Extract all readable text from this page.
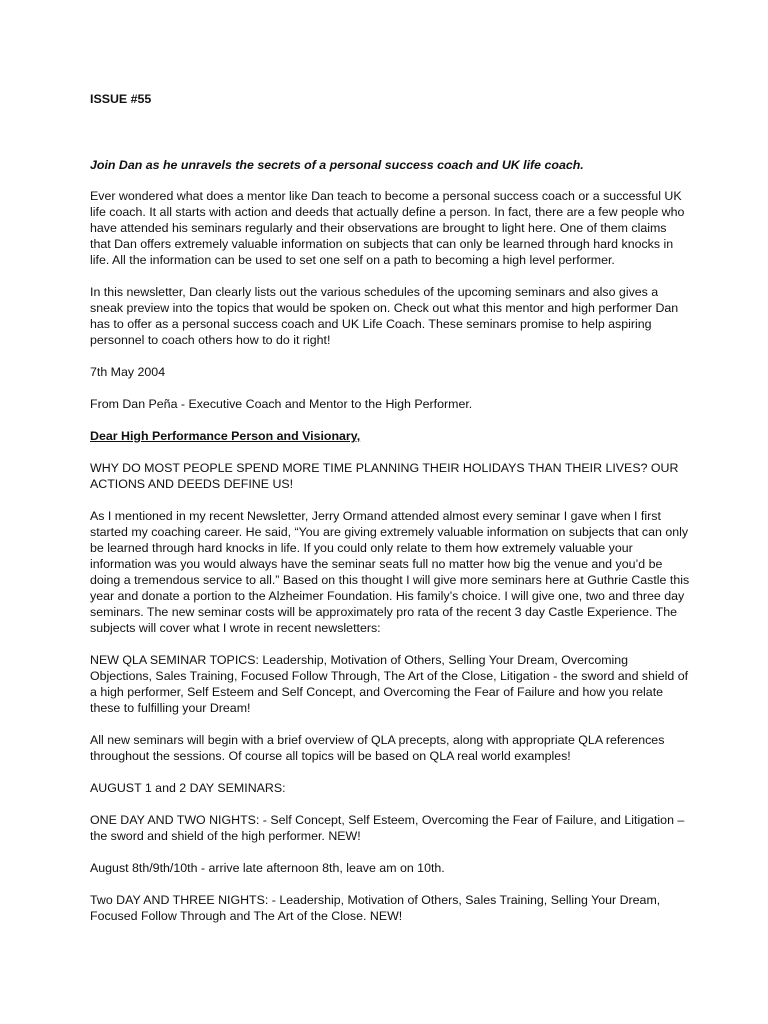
ISSUE #55

Join Dan as he unravels the secrets of a personal success coach and UK life coach.

Ever wondered what does a mentor like Dan teach to become a personal success coach or a successful UK life coach. It all starts with action and deeds that actually define a person. In fact, there are a few people who have attended his seminars regularly and their observations are brought to light here. One of them claims that Dan offers extremely valuable information on subjects that can only be learned through hard knocks in life. All the information can be used to set one self on a path to becoming a high level performer.

In this newsletter, Dan clearly lists out the various schedules of the upcoming seminars and also gives a sneak preview into the topics that would be spoken on. Check out what this mentor and high performer Dan has to offer as a personal success coach and UK Life Coach. These seminars promise to help aspiring personnel to coach others how to do it right!

7th May 2004

From Dan Peña - Executive Coach and Mentor to the High Performer.

Dear High Performance Person and Visionary,

WHY DO MOST PEOPLE SPEND MORE TIME PLANNING THEIR HOLIDAYS THAN THEIR LIVES? OUR ACTIONS AND DEEDS DEFINE US!

As I mentioned in my recent Newsletter, Jerry Ormand attended almost every seminar I gave when I first started my coaching career. He said, “You are giving extremely valuable information on subjects that can only be learned through hard knocks in life. If you could only relate to them how extremely valuable your information was you would always have the seminar seats full no matter how big the venue and you’d be doing a tremendous service to all.” Based on this thought I will give more seminars here at Guthrie Castle this year and donate a portion to the Alzheimer Foundation. His family’s choice. I will give one, two and three day seminars. The new seminar costs will be approximately pro rata of the recent 3 day Castle Experience. The subjects will cover what I wrote in recent newsletters:

NEW QLA SEMINAR TOPICS: Leadership, Motivation of Others, Selling Your Dream, Overcoming Objections, Sales Training, Focused Follow Through, The Art of the Close, Litigation - the sword and shield of a high performer, Self Esteem and Self Concept, and Overcoming the Fear of Failure and how you relate these to fulfilling your Dream!

All new seminars will begin with a brief overview of QLA precepts, along with appropriate QLA references throughout the sessions. Of course all topics will be based on QLA real world examples!

AUGUST 1 and 2 DAY SEMINARS:

ONE DAY AND TWO NIGHTS: - Self Concept, Self Esteem, Overcoming the Fear of Failure, and Litigation – the sword and shield of the high performer. NEW!

August 8th/9th/10th - arrive late afternoon 8th, leave am on 10th.

Two DAY AND THREE NIGHTS: - Leadership, Motivation of Others, Sales Training, Selling Your Dream, Focused Follow Through and The Art of the Close. NEW!
